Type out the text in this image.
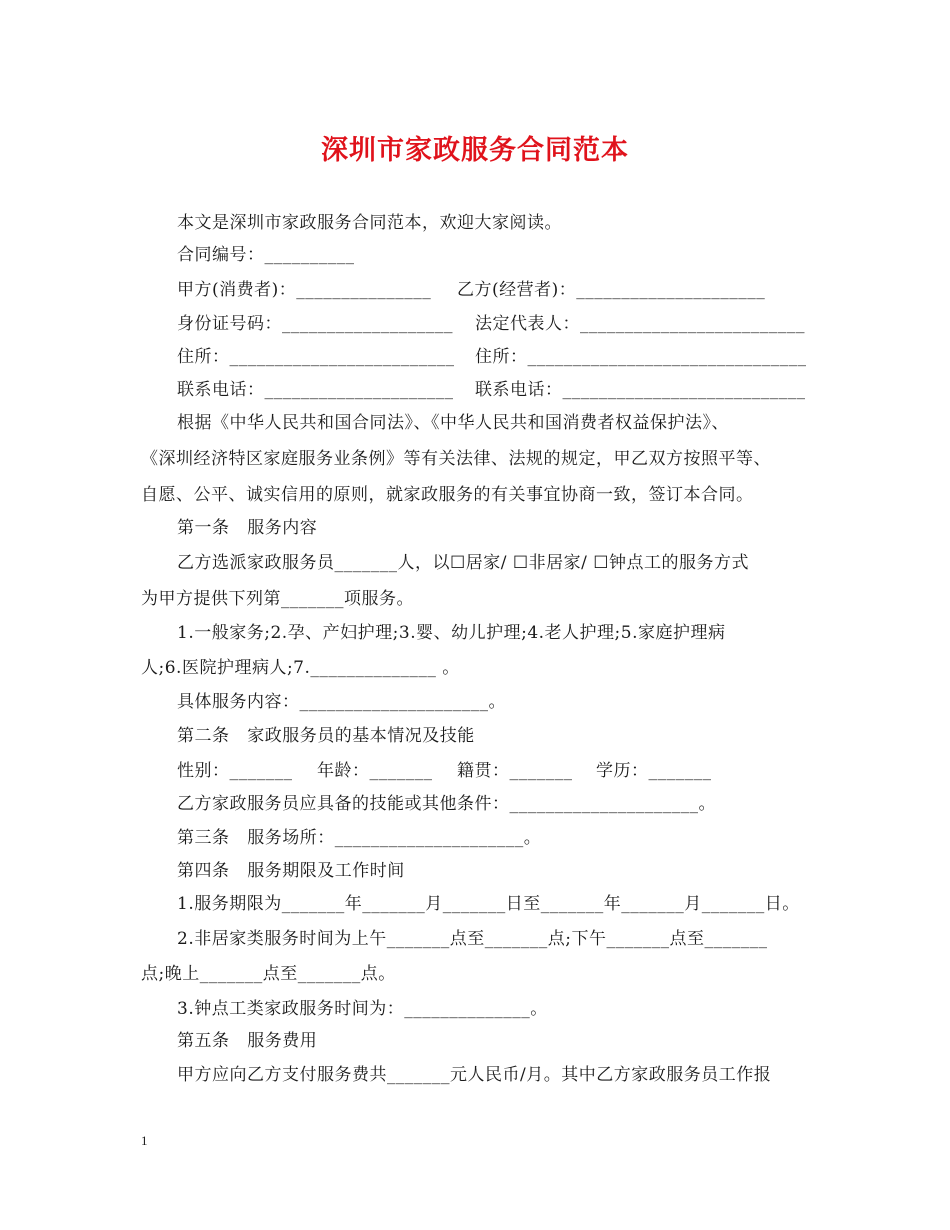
深圳市家政服务合同范本
本文是深圳市家政服务合同范本，欢迎大家阅读。
合同编号：__________
甲方(消费者)：_______________ 乙方(经营者)：_____________________
身份证号码：___________________ 法定代表人：_________________________
住所：_________________________ 住所：_______________________________
联系电话：_____________________ 联系电话：___________________________
根据《中华人民共和国合同法》、《中华人民共和国消费者权益保护法》、
《深圳经济特区家庭服务业条例》等有关法律、法规的规定，甲乙双方按照平等、
自愿、公平、诚实信用的原则，就家政服务的有关事宜协商一致，签订本合同。
第一条   服务内容
乙方选派家政服务员_______人，以☐居家/ ☐非居家/ ☐钟点工的服务方式
为甲方提供下列第_______项服务。
1.一般家务;2.孕、产妇护理;3.婴、幼儿护理;4.老人护理;5.家庭护理病
人;6.医院护理病人;7.______________ 。
具体服务内容：_____________________。
第二条   家政服务员的基本情况及技能
性别：_______ 年龄：_______ 籍贯：_______ 学历：_______
乙方家政服务员应具备的技能或其他条件：_____________________。
第三条   服务场所：_____________________。
第四条   服务期限及工作时间
1.服务期限为_______年_______月_______日至_______年_______月_______日。
2.非居家类服务时间为上午_______点至_______点;下午_______点至_______
点;晚上_______点至_______点。
3.钟点工类家政服务时间为：______________。
第五条   服务费用
甲方应向乙方支付服务费共_______元人民币/月。其中乙方家政服务员工作报
1
